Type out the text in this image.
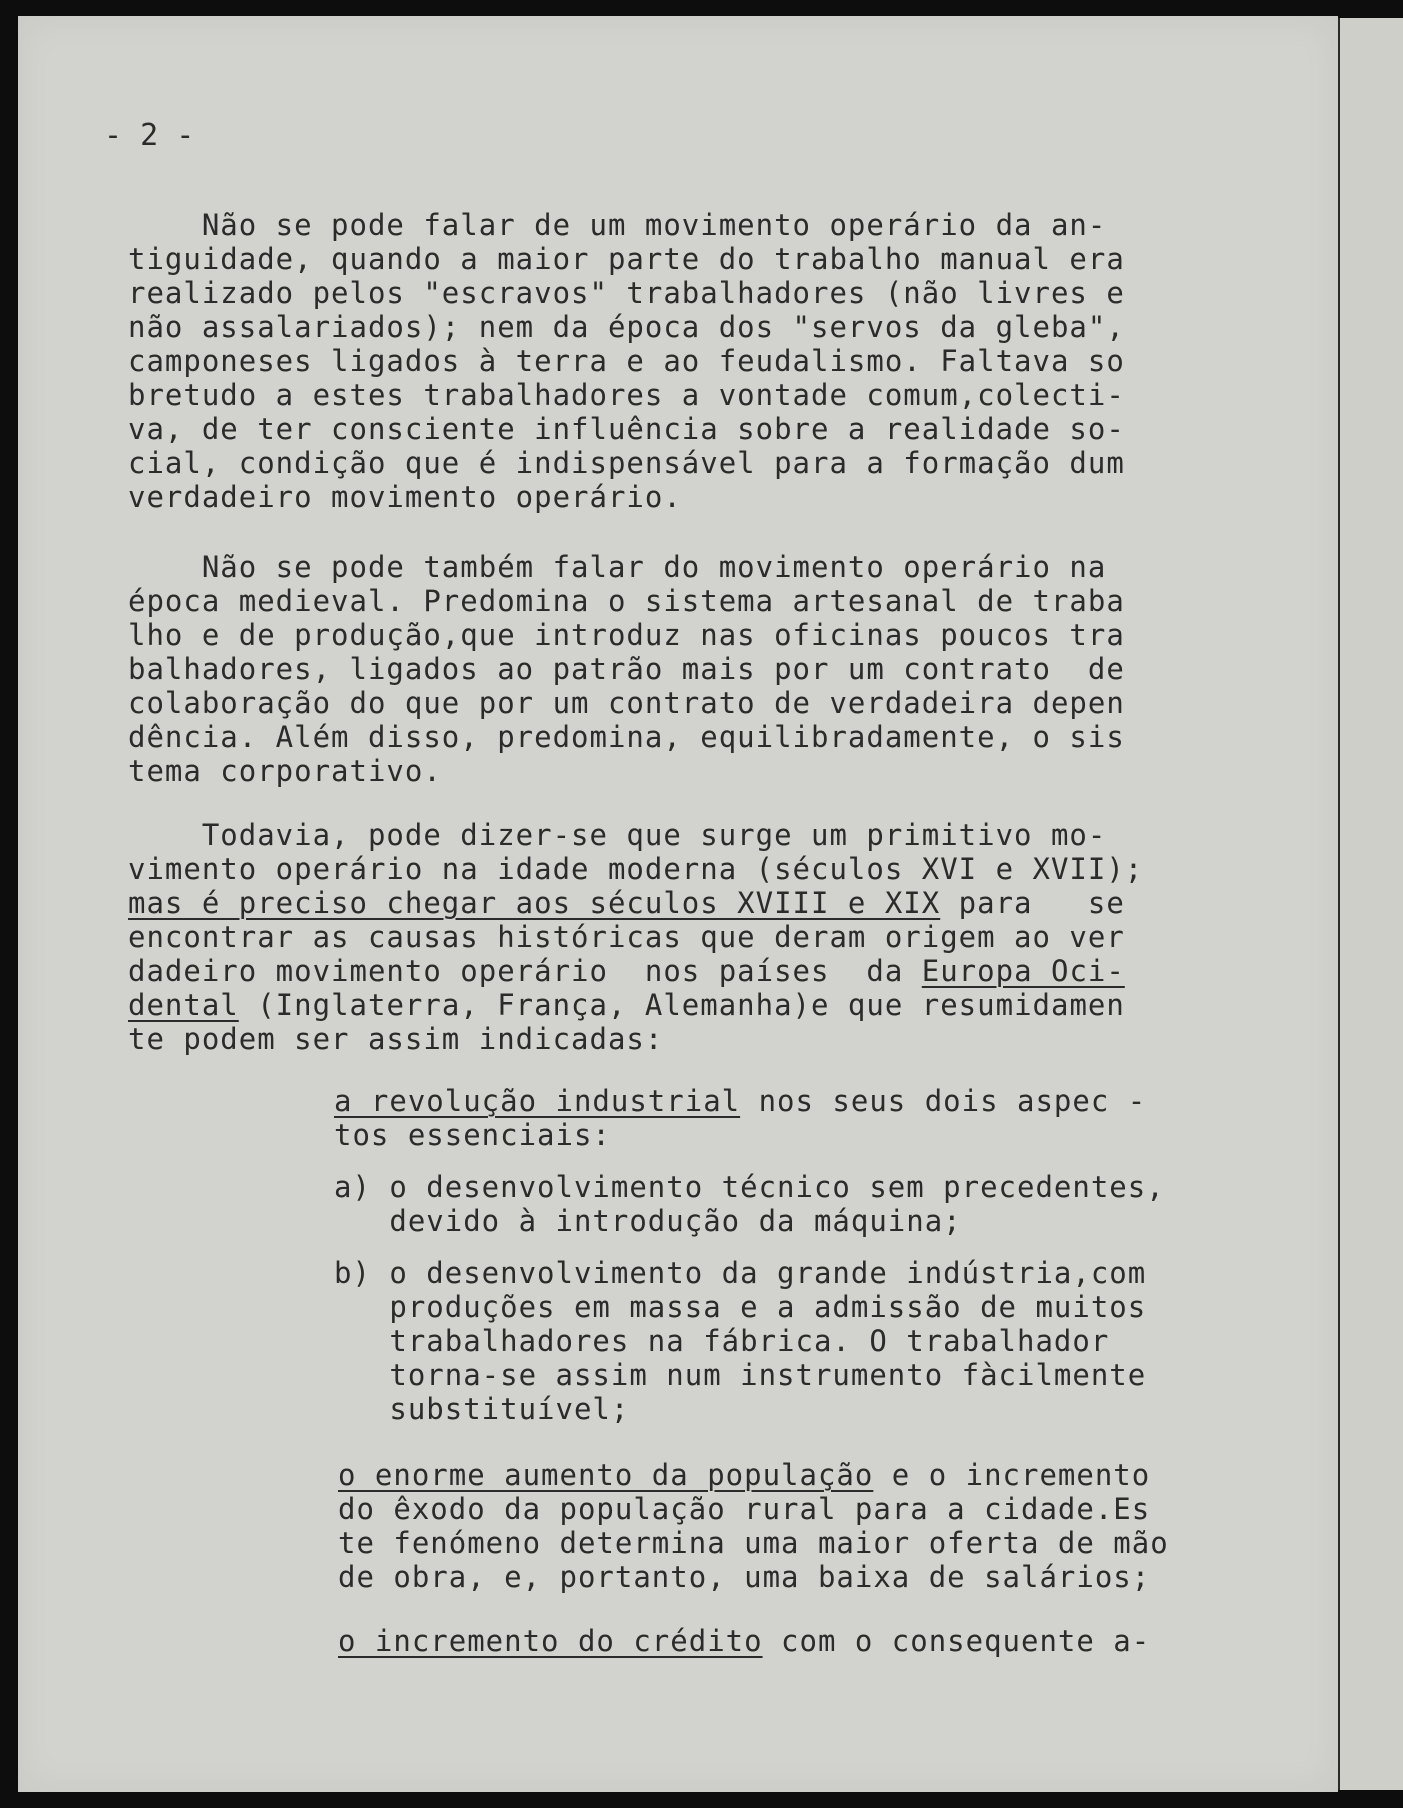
- 2 -

Não se pode falar de um movimento operário da an-

tiguidade, quando a maior parte do trabalho manual era

realizado pelos "escravos" trabalhadores (não livres e

não assalariados); nem da época dos "servos da gleba",

camponeses ligados à terra e ao feudalismo. Faltava so

bretudo a estes trabalhadores a vontade comum,colecti-

va, de ter consciente influência sobre a realidade so-

cial, condição que é indispensável para a formação dum

verdadeiro movimento operário.

Não se pode também falar do movimento operário na

época medieval. Predomina o sistema artesanal de traba

lho e de produção,que introduz nas oficinas poucos tra

balhadores, ligados ao patrão mais por um contrato  de

colaboração do que por um contrato de verdadeira depen

dência. Além disso, predomina, equilibradamente, o sis

tema corporativo.

Todavia, pode dizer-se que surge um primitivo mo-

vimento operário na idade moderna (séculos XVI e XVII);

mas é preciso chegar aos séculos XVIII e XIX para   se

encontrar as causas históricas que deram origem ao ver

dadeiro movimento operário  nos países  da Europa Oci-

dental (Inglaterra, França, Alemanha)e que resumidamen

te podem ser assim indicadas:

a revolução industrial nos seus dois aspec -

tos essenciais:

a) o desenvolvimento técnico sem precedentes,

devido à introdução da máquina;

b) o desenvolvimento da grande indústria,com

produções em massa e a admissão de muitos

trabalhadores na fábrica. O trabalhador

torna-se assim num instrumento fàcilmente

substituível;

o enorme aumento da população e o incremento

do êxodo da população rural para a cidade.Es

te fenómeno determina uma maior oferta de mão

de obra, e, portanto, uma baixa de salários;

o incremento do crédito com o consequente a-
